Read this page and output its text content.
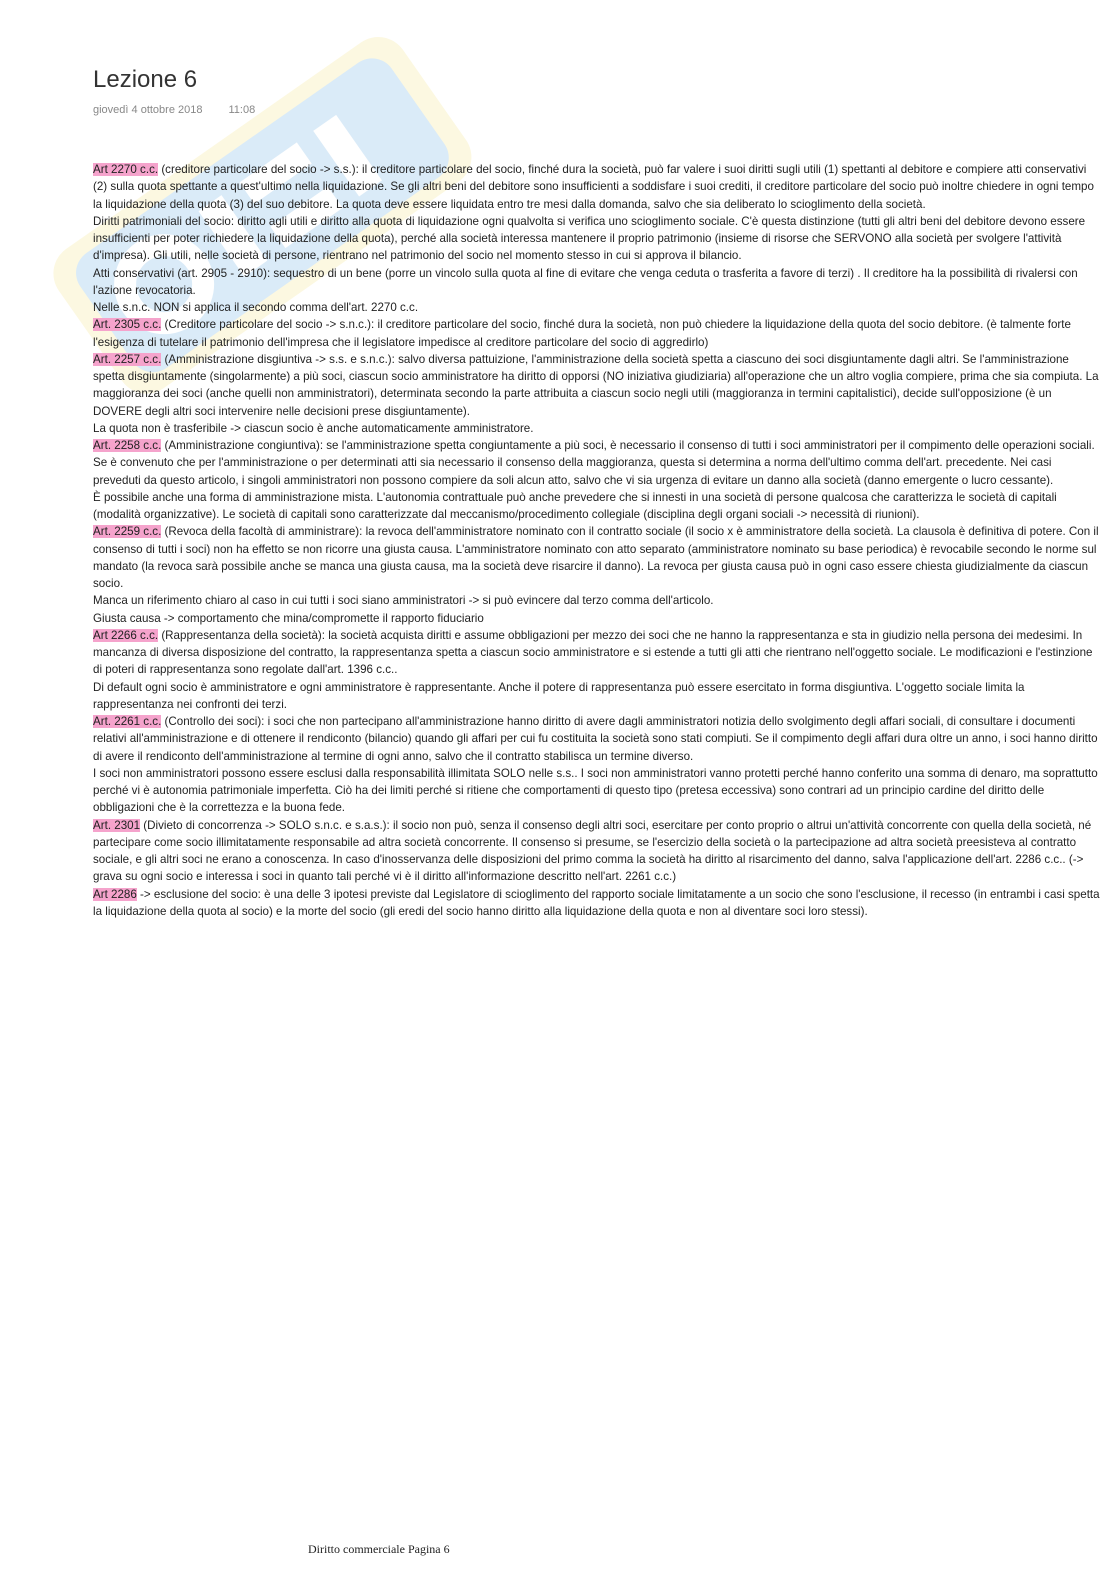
Lezione 6
giovedì 4 ottobre 2018 11:08

Art 2270 c.c. (creditore particolare del socio -> s.s.): il creditore particolare del socio, finché dura la società, può far valere i suoi diritti sugli utili (1) spettanti al debitore e compiere atti conservativi (2) sulla quota spettante a quest'ultimo nella liquidazione. Se gli altri beni del debitore sono insufficienti a soddisfare i suoi crediti, il creditore particolare del socio può inoltre chiedere in ogni tempo la liquidazione della quota (3) del suo debitore. La quota deve essere liquidata entro tre mesi dalla domanda, salvo che sia deliberato lo scioglimento della società.

Diritti patrimoniali del socio: diritto agli utili e diritto alla quota di liquidazione ogni qualvolta si verifica uno scioglimento sociale. C'è questa distinzione (tutti gli altri beni del debitore devono essere insufficienti per poter richiedere la liquidazione della quota), perché alla società interessa mantenere il proprio patrimonio (insieme di risorse che SERVONO alla società per svolgere l'attività d'impresa). Gli utili, nelle società di persone, rientrano nel patrimonio del socio nel momento stesso in cui si approva il bilancio.

Atti conservativi (art. 2905 - 2910): sequestro di un bene (porre un vincolo sulla quota al fine di evitare che venga ceduta o trasferita a favore di terzi) . Il creditore ha la possibilità di rivalersi con l'azione revocatoria.

Nelle s.n.c. NON si applica il secondo comma dell'art. 2270 c.c.

Art. 2305 c.c. (Creditore particolare del socio -> s.n.c.): il creditore particolare del socio, finché dura la società, non può chiedere la liquidazione della quota del socio debitore. (è talmente forte l'esigenza di tutelare il patrimonio dell'impresa che il legislatore impedisce al creditore particolare del socio di aggredirlo)

Art. 2257 c.c. (Amministrazione disgiuntiva -> s.s. e s.n.c.): salvo diversa pattuizione, l'amministrazione della società spetta a ciascuno dei soci disgiuntamente dagli altri. Se l'amministrazione spetta disgiuntamente (singolarmente) a più soci, ciascun socio amministratore ha diritto di opporsi (NO iniziativa giudiziaria) all'operazione che un altro voglia compiere, prima che sia compiuta. La maggioranza dei soci (anche quelli non amministratori), determinata secondo la parte attribuita a ciascun socio negli utili (maggioranza in termini capitalistici), decide sull'opposizione (è un DOVERE degli altri soci intervenire nelle decisioni prese disgiuntamente).

La quota non è trasferibile -> ciascun socio è anche automaticamente amministratore.

Art. 2258 c.c. (Amministrazione congiuntiva): se l'amministrazione spetta congiuntamente a più soci, è necessario il consenso di tutti i soci amministratori per il compimento delle operazioni sociali. Se è convenuto che per l'amministrazione o per determinati atti sia necessario il consenso della maggioranza, questa si determina a norma dell'ultimo comma dell'art. precedente. Nei casi preveduti da questo articolo, i singoli amministratori non possono compiere da soli alcun atto, salvo che vi sia urgenza di evitare un danno alla società (danno emergente o lucro cessante).

È possibile anche una forma di amministrazione mista. L'autonomia contrattuale può anche prevedere che si innesti in una società di persone qualcosa che caratterizza le società di capitali (modalità organizzative). Le società di capitali sono caratterizzate dal meccanismo/procedimento collegiale (disciplina degli organi sociali -> necessità di riunioni).

Art. 2259 c.c. (Revoca della facoltà di amministrare): la revoca dell'amministratore nominato con il contratto sociale (il socio x è amministratore della società. La clausola è definitiva di potere. Con il consenso di tutti i soci) non ha effetto se non ricorre una giusta causa. L'amministratore nominato con atto separato (amministratore nominato su base periodica) è revocabile secondo le norme sul mandato (la revoca sarà possibile anche se manca una giusta causa, ma la società deve risarcire il danno). La revoca per giusta causa può in ogni caso essere chiesta giudizialmente da ciascun socio.

Manca un riferimento chiaro al caso in cui tutti i soci siano amministratori -> si può evincere dal terzo comma dell'articolo.

Giusta causa -> comportamento che mina/compromette il rapporto fiduciario

Art 2266 c.c. (Rappresentanza della società): la società acquista diritti e assume obbligazioni per mezzo dei soci che ne hanno la rappresentanza e sta in giudizio nella persona dei medesimi. In mancanza di diversa disposizione del contratto, la rappresentanza spetta a ciascun socio amministratore e si estende a tutti gli atti che rientrano nell'oggetto sociale. Le modificazioni e l'estinzione di poteri di rappresentanza sono regolate dall'art. 1396 c.c..

Di default ogni socio è amministratore e ogni amministratore è rappresentante. Anche il potere di rappresentanza può essere esercitato in forma disgiuntiva. L'oggetto sociale limita la rappresentanza nei confronti dei terzi.

Art. 2261 c.c. (Controllo dei soci): i soci che non partecipano all'amministrazione hanno diritto di avere dagli amministratori notizia dello svolgimento degli affari sociali, di consultare i documenti relativi all'amministrazione e di ottenere il rendiconto (bilancio) quando gli affari per cui fu costituita la società sono stati compiuti. Se il compimento degli affari dura oltre un anno, i soci hanno diritto di avere il rendiconto dell'amministrazione al termine di ogni anno, salvo che il contratto stabilisca un termine diverso.

I soci non amministratori possono essere esclusi dalla responsabilità illimitata SOLO nelle s.s.. I soci non amministratori vanno protetti perché hanno conferito una somma di denaro, ma soprattutto perché vi è autonomia patrimoniale imperfetta. Ciò ha dei limiti perché si ritiene che comportamenti di questo tipo (pretesa eccessiva) sono contrari ad un principio cardine del diritto delle obbligazioni che è la correttezza e la buona fede.

Art. 2301 (Divieto di concorrenza -> SOLO s.n.c. e s.a.s.): il socio non può, senza il consenso degli altri soci, esercitare per conto proprio o altrui un'attività concorrente con quella della società, né partecipare come socio illimitatamente responsabile ad altra società concorrente. Il consenso si presume, se l'esercizio della società o la partecipazione ad altra società preesisteva al contratto sociale, e gli altri soci ne erano a conoscenza. In caso d'inosservanza delle disposizioni del primo comma la società ha diritto al risarcimento del danno, salva l'applicazione dell'art. 2286 c.c.. (-> grava su ogni socio e interessa i soci in quanto tali perché vi è il diritto all'informazione descritto nell'art. 2261 c.c.)

Art 2286 -> esclusione del socio: è una delle 3 ipotesi previste dal Legislatore di scioglimento del rapporto sociale limitatamente a un socio che sono l'esclusione, il recesso (in entrambi i casi spetta la liquidazione della quota al socio) e la morte del socio (gli eredi del socio hanno diritto alla liquidazione della quota e non al diventare soci loro stessi).

Diritto commerciale Pagina 6
